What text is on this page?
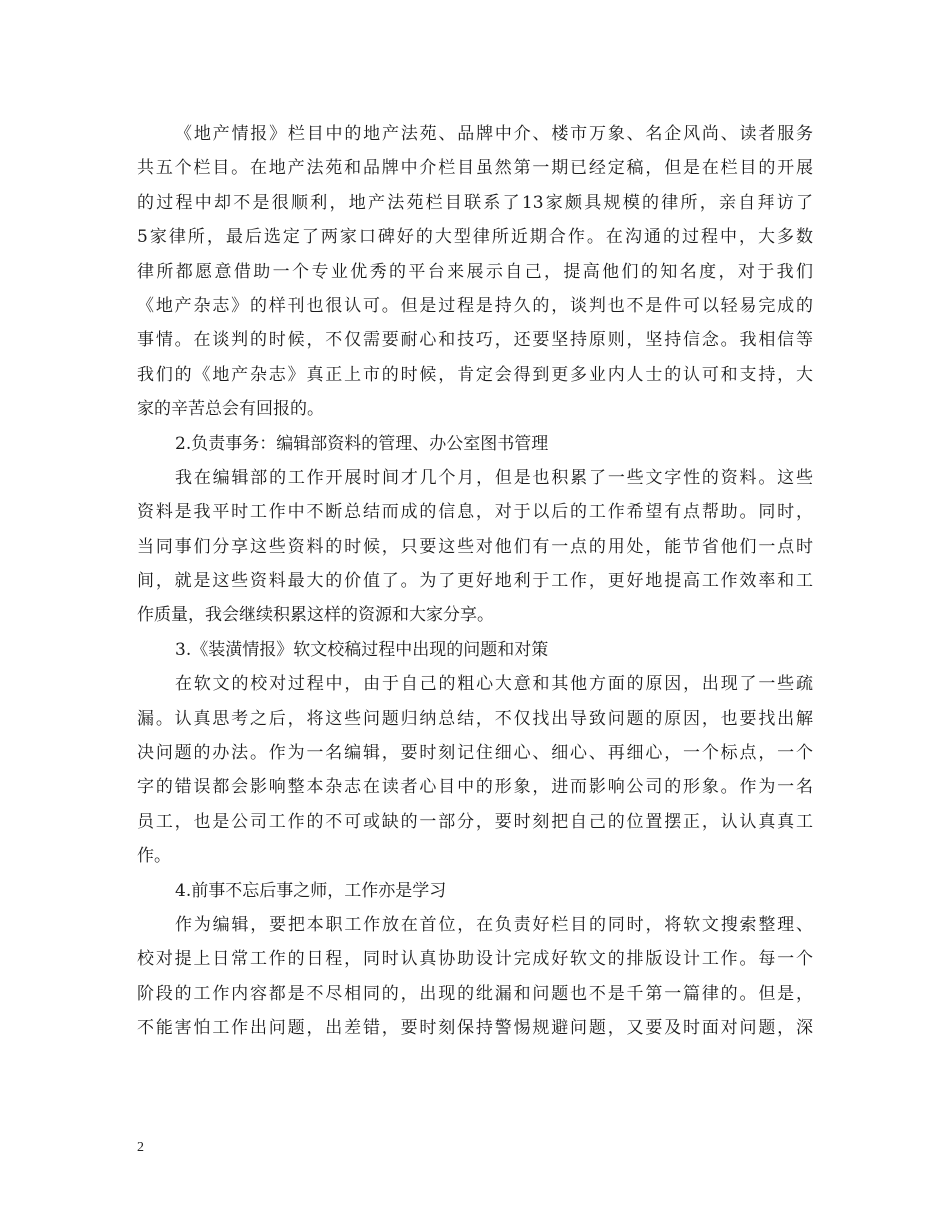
《地产情报》栏目中的地产法苑、品牌中介、楼市万象、名企风尚、读者服务
共五个栏目。在地产法苑和品牌中介栏目虽然第一期已经定稿，但是在栏目的开展
的过程中却不是很顺利，地产法苑栏目联系了13家颇具规模的律所，亲自拜访了
5家律所，最后选定了两家口碑好的大型律所近期合作。在沟通的过程中，大多数
律所都愿意借助一个专业优秀的平台来展示自己，提高他们的知名度，对于我们
《地产杂志》的样刊也很认可。但是过程是持久的，谈判也不是件可以轻易完成的
事情。在谈判的时候，不仅需要耐心和技巧，还要坚持原则，坚持信念。我相信等
我们的《地产杂志》真正上市的时候，肯定会得到更多业内人士的认可和支持，大
家的辛苦总会有回报的。
2.负责事务：编辑部资料的管理、办公室图书管理
我在编辑部的工作开展时间才几个月，但是也积累了一些文字性的资料。这些
资料是我平时工作中不断总结而成的信息，对于以后的工作希望有点帮助。同时，
当同事们分享这些资料的时候，只要这些对他们有一点的用处，能节省他们一点时
间，就是这些资料最大的价值了。为了更好地利于工作，更好地提高工作效率和工
作质量，我会继续积累这样的资源和大家分享。
3.《装潢情报》软文校稿过程中出现的问题和对策
在软文的校对过程中，由于自己的粗心大意和其他方面的原因，出现了一些疏
漏。认真思考之后，将这些问题归纳总结，不仅找出导致问题的原因，也要找出解
决问题的办法。作为一名编辑，要时刻记住细心、细心、再细心，一个标点，一个
字的错误都会影响整本杂志在读者心目中的形象，进而影响公司的形象。作为一名
员工，也是公司工作的不可或缺的一部分，要时刻把自己的位置摆正，认认真真工
作。
4.前事不忘后事之师，工作亦是学习
作为编辑，要把本职工作放在首位，在负责好栏目的同时，将软文搜索整理、
校对提上日常工作的日程，同时认真协助设计完成好软文的排版设计工作。每一个
阶段的工作内容都是不尽相同的，出现的纰漏和问题也不是千第一篇律的。但是，
不能害怕工作出问题，出差错，要时刻保持警惕规避问题，又要及时面对问题，深
2
